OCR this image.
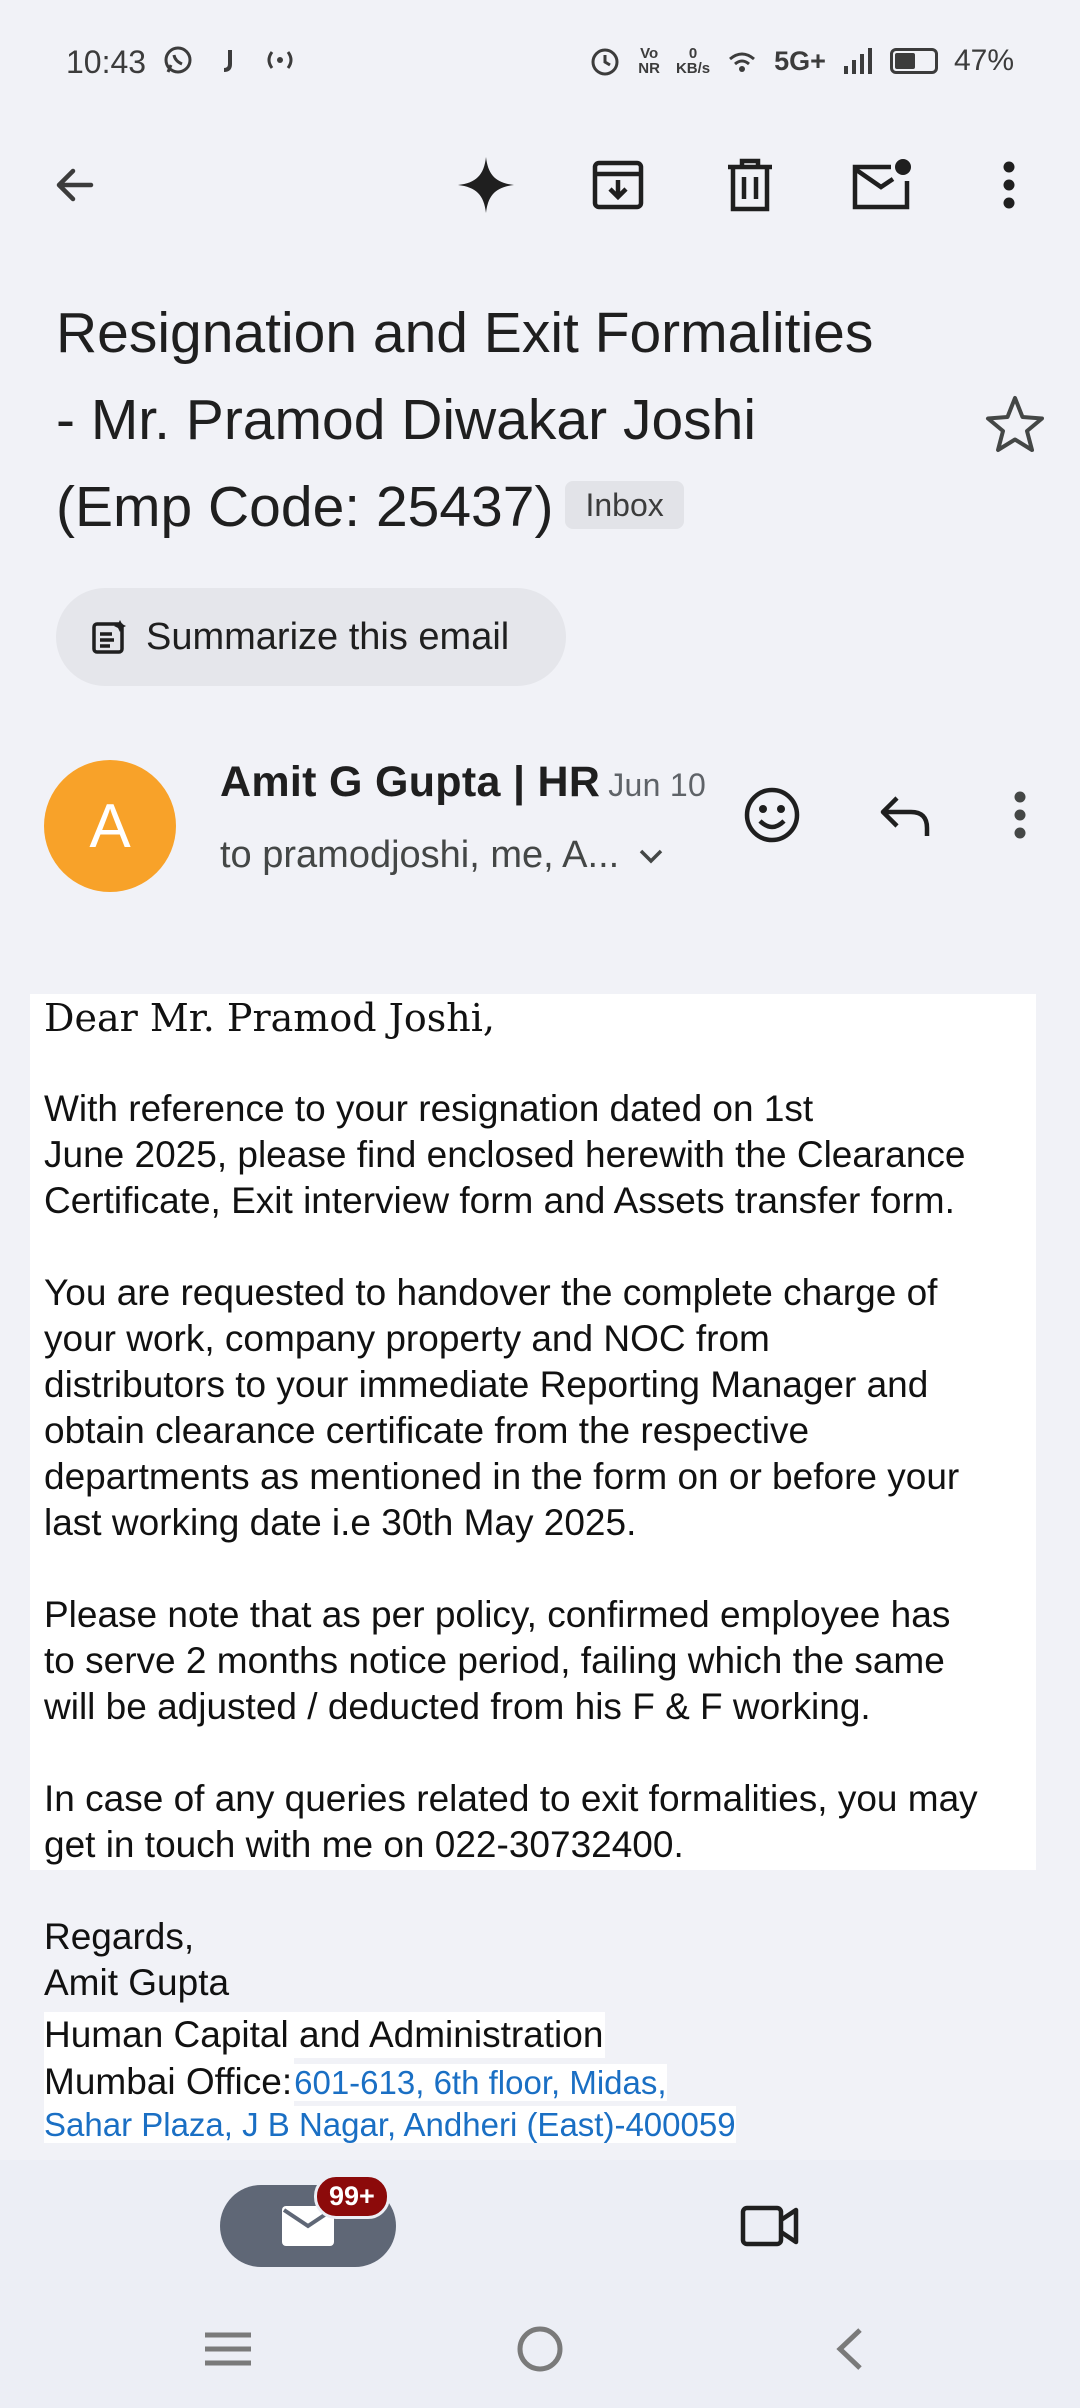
10:43	Vo
NR
0
KB/s 5G+	47%
Resignation and Exit Formalities
- Mr. Pramod Diwakar Joshi
(Emp Code: 25437) Inbox
Summarize this email
A
Amit G Gupta | HR Jun 10
to pramodjoshi, me, A...
Dear Mr. Pramod Joshi,
With reference to your resignation dated on 1st
June 2025, please find enclosed herewith the Clearance
Certificate, Exit interview form and Assets transfer form.
You are requested to handover the complete charge of
your work, company property and NOC from
distributors to your immediate Reporting Manager and
obtain clearance certificate from the respective
departments as mentioned in the form on or before your
last working date i.e 30th May 2025.
Please note that as per policy, confirmed employee has
to serve 2 months notice period, failing which the same
will be adjusted / deducted from his F & F working.
In case of any queries related to exit formalities, you may
get in touch with me on 022-30732400.
Regards,
Amit Gupta
Human Capital and Administration
Mumbai Office:601-613, 6th floor, Midas,
Sahar Plaza, J B Nagar, Andheri (East)-400059
99+
